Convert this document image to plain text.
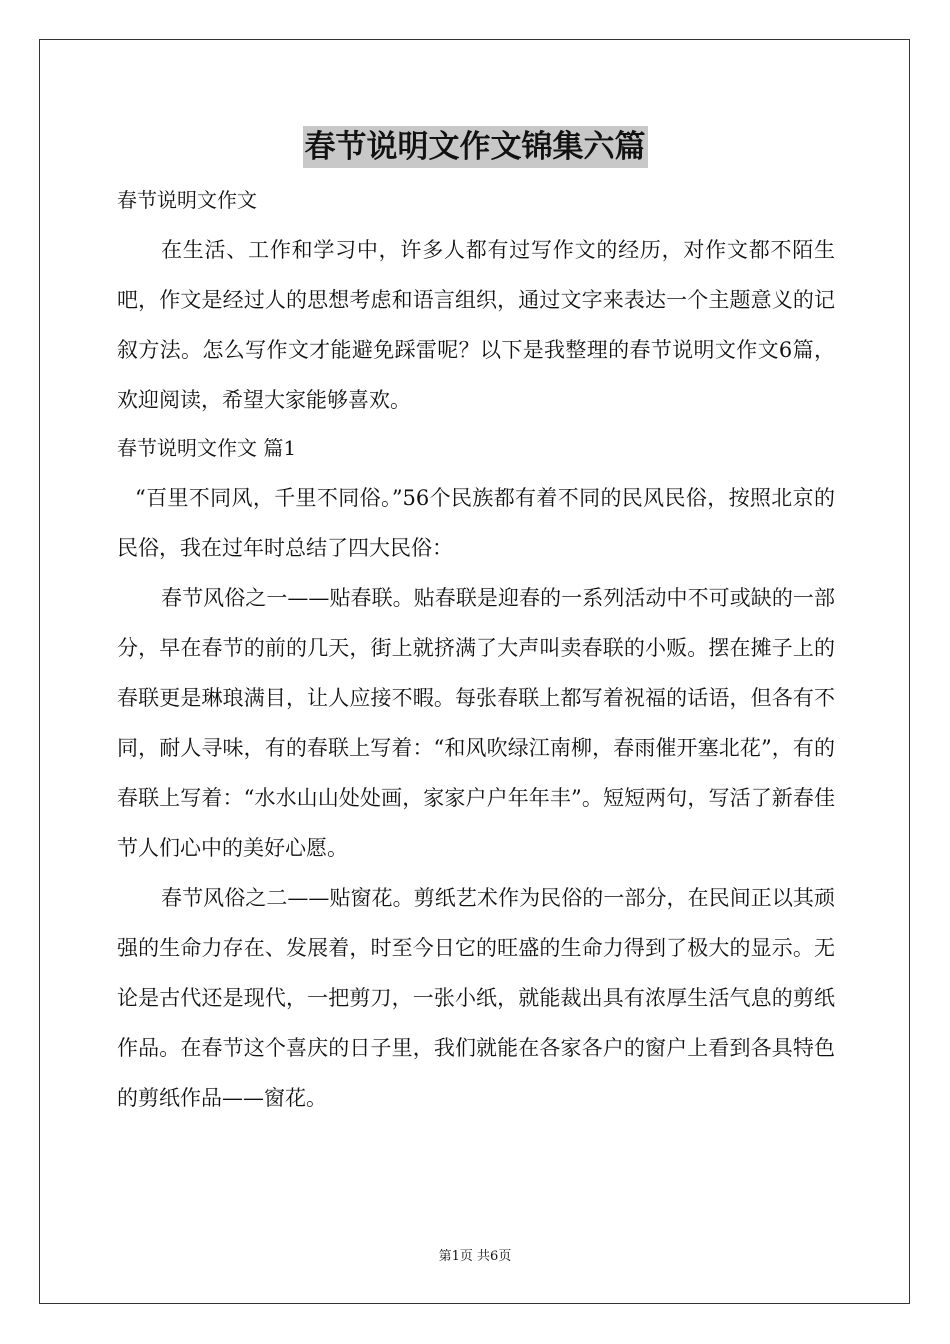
春节说明文作文锦集六篇
春节说明文作文

在生活、工作和学习中，许多人都有过写作文的经历，对作文都不陌生吧，作文是经过人的思想考虑和语言组织，通过文字来表达一个主题意义的记叙方法。怎么写作文才能避免踩雷呢？以下是我整理的春节说明文作文6篇，欢迎阅读，希望大家能够喜欢。

春节说明文作文 篇1

“百里不同风，千里不同俗。”56个民族都有着不同的民风民俗，按照北京的民俗，我在过年时总结了四大民俗：

春节风俗之一——贴春联。贴春联是迎春的一系列活动中不可或缺的一部分，早在春节的前的几天，街上就挤满了大声叫卖春联的小贩。摆在摊子上的春联更是琳琅满目，让人应接不暇。每张春联上都写着祝福的话语，但各有不同，耐人寻味，有的春联上写着：“和风吹绿江南柳，春雨催开塞北花”，有的春联上写着：“水水山山处处画，家家户户年年丰”。短短两句，写活了新春佳节人们心中的美好心愿。

春节风俗之二——贴窗花。剪纸艺术作为民俗的一部分，在民间正以其顽强的生命力存在、发展着，时至今日它的旺盛的生命力得到了极大的显示。无论是古代还是现代，一把剪刀，一张小纸，就能裁出具有浓厚生活气息的剪纸作品。在春节这个喜庆的日子里，我们就能在各家各户的窗户上看到各具特色的剪纸作品——窗花。

第1页 共6页
